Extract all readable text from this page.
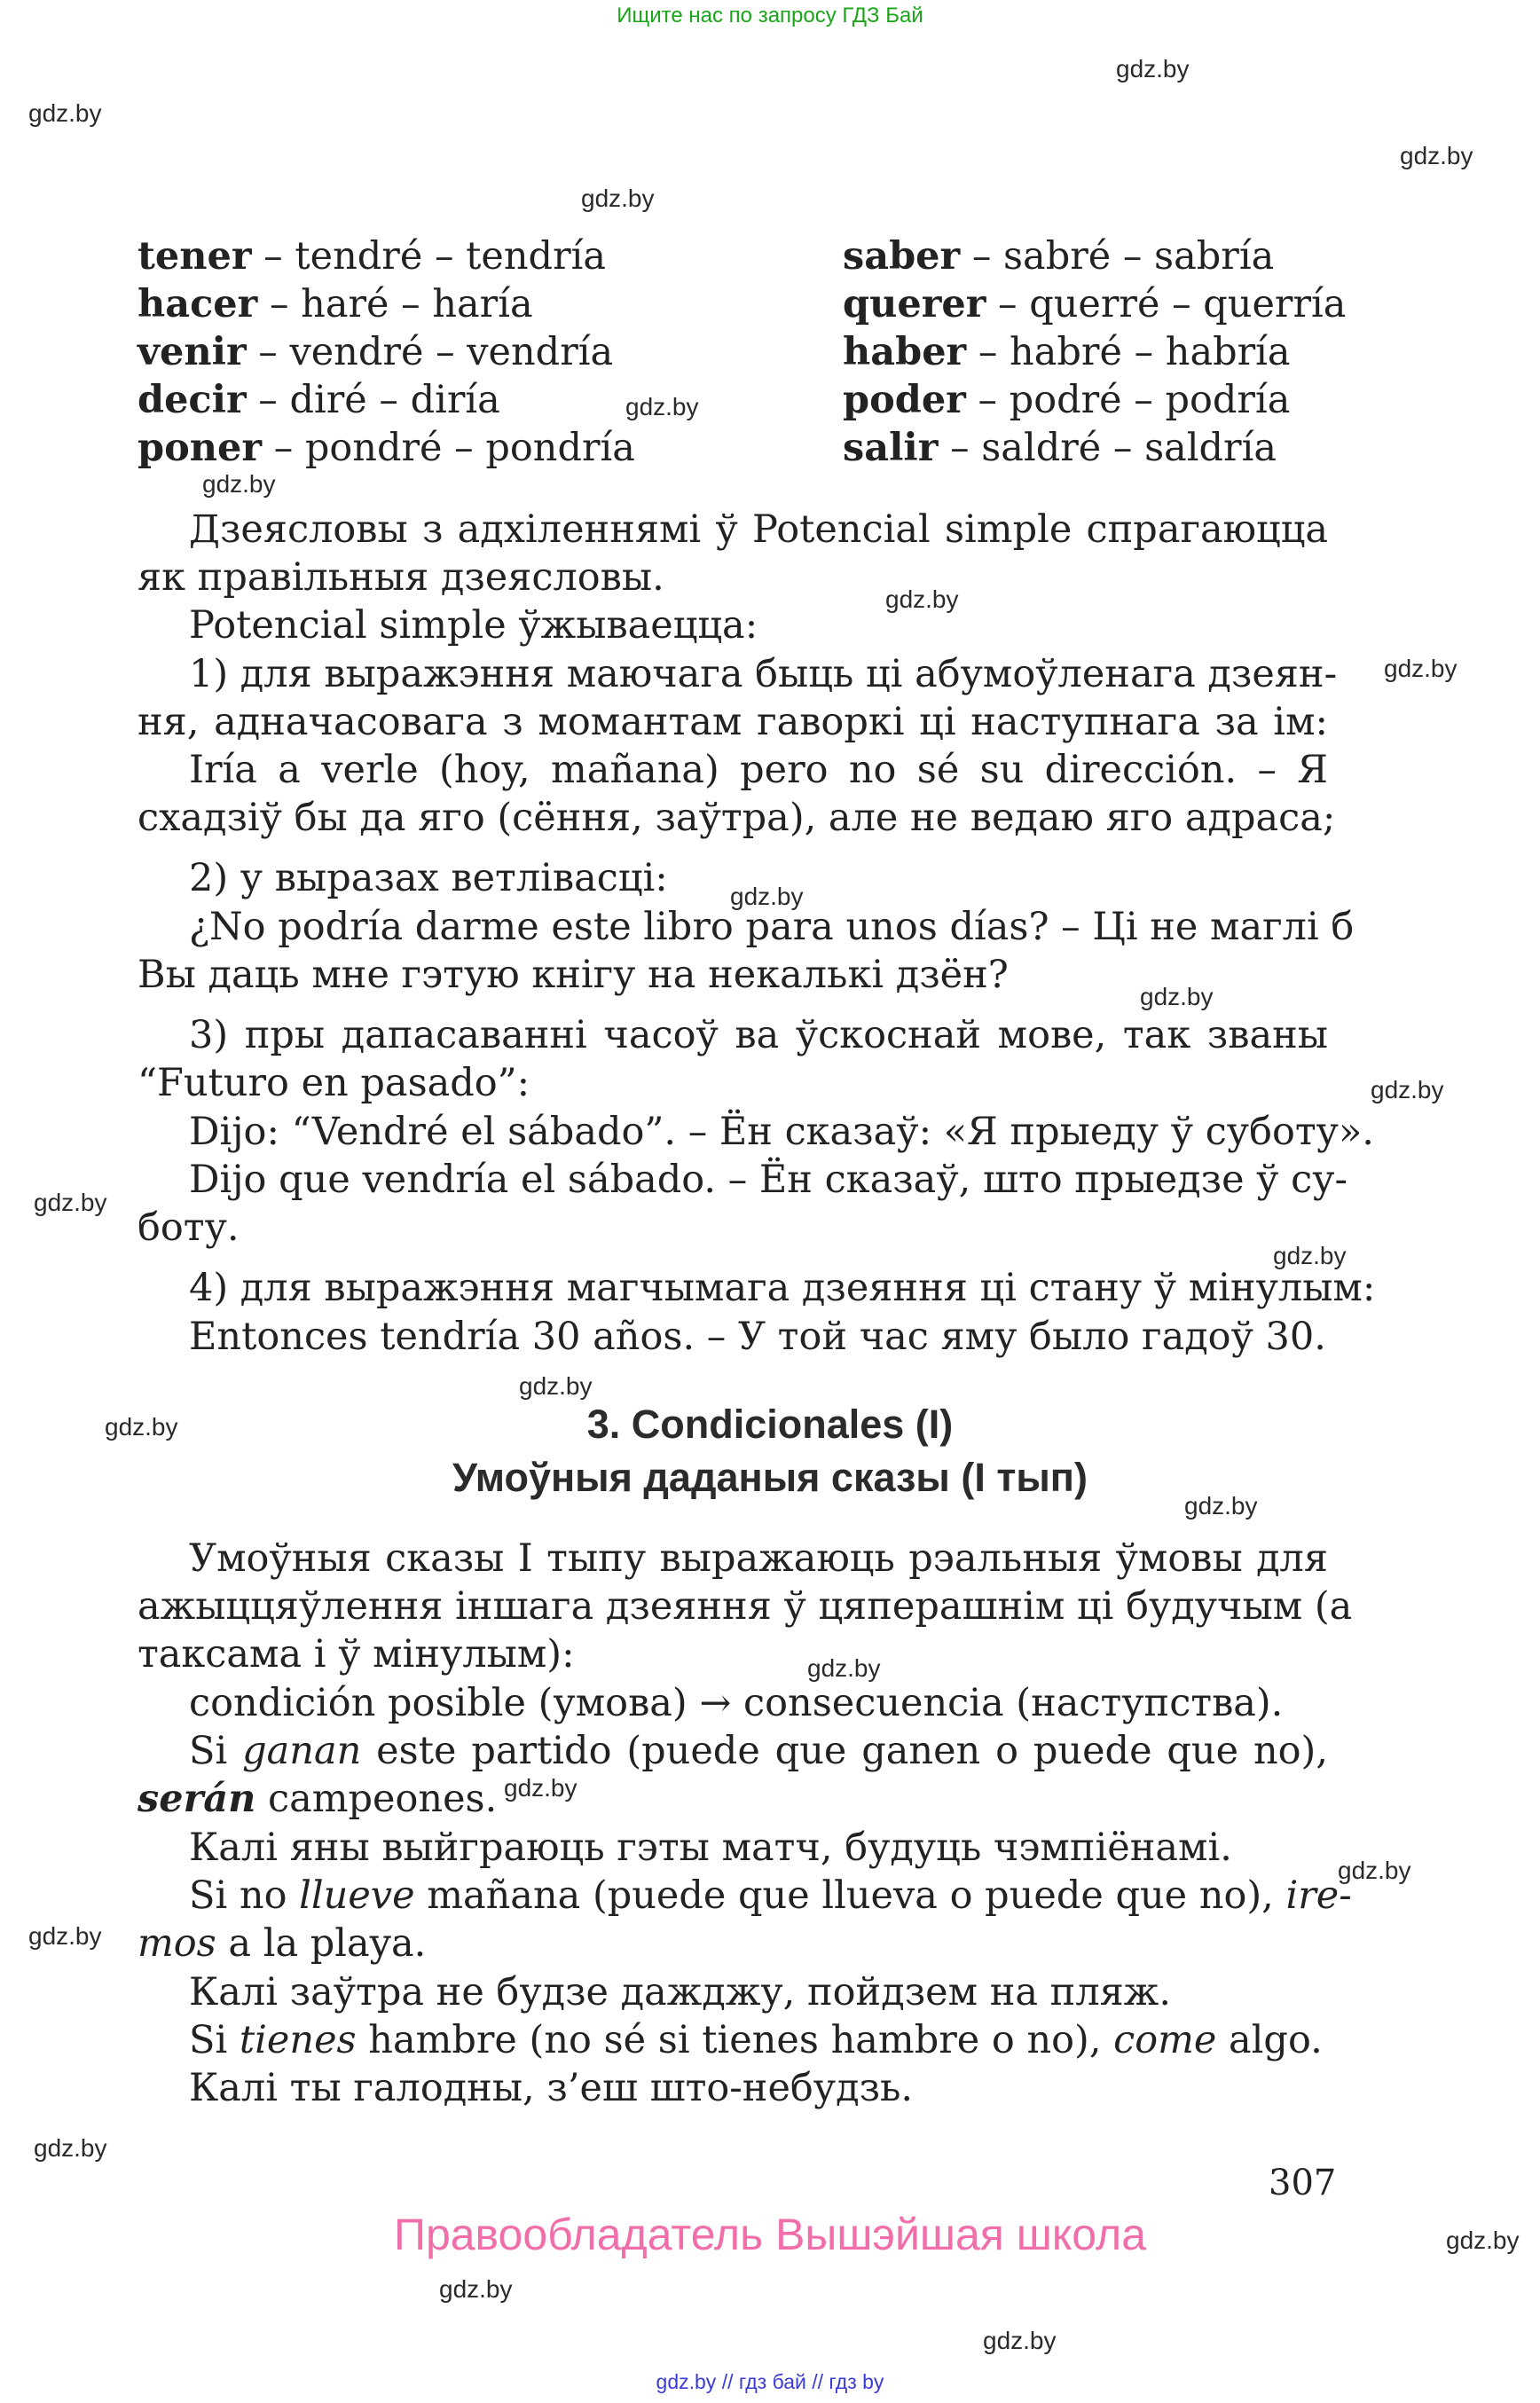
Ищите нас по запросу ГДЗ Бай
gdz.by // гдз бай // гдз by
gdz.by
gdz.by
gdz.by
gdz.by
gdz.by
gdz.by
gdz.by
gdz.by
gdz.by
gdz.by
gdz.by
gdz.by
gdz.by
gdz.by
gdz.by
gdz.by
gdz.by
gdz.by
gdz.by
gdz.by
gdz.by
gdz.by
gdz.by
gdz.by
tener – tendré – tendría
hacer – haré – haría
venir – vendré – vendría
decir – diré – diría
poner – pondré – pondría
saber – sabré – sabría
querer – querré – querría
haber – habré – habría
poder – podré – podría
salir – saldré – saldría
Дзеясловы з адхіленнямі ў Potencial simple спрагаюцца
як правільныя дзеясловы.
Potencial simple ўжываецца:
1) для выражэння маючага быць ці абумоўленага дзеян-
ня, адначасовага з момантам гаворкі ці наступнага за ім:
Iría a verle (hoy, mañana) pero no sé su dirección. – Я
схадзіў бы да яго (сёння, заўтра), але не ведаю яго адраса;
2) у выразах ветлівасці:
¿No podría darme este libro para unos días? – Ці не маглі б
Вы даць мне гэтую кнігу на некалькі дзён?
3) пры дапасаванні часоў ва ўскоснай мове, так званы
“Futuro en pasado”:
Dijo: “Vendré el sábado”. – Ён сказаў: «Я прыеду ў суботу».
Dijo que vendría el sábado. – Ён сказаў, што прыедзе ў су-
боту.
4) для выражэння магчымага дзеяння ці стану ў мінулым:
Entonces tendría 30 años. – У той час яму было гадоў 30.
3. Condicionales (I)
Умоўныя даданыя сказы (І тып)
Умоўныя сказы І тыпу выражаюць рэальныя ўмовы для
ажыццяўлення іншага дзеяння ў цяперашнім ці будучым (а
таксама і ў мінулым):
condición posible (умова) → consecuencia (наступства).
Si ganan este partido (puede que ganen o puede que no),
serán campeones.
Калі яны выйграюць гэты матч, будуць чэмпіёнамі.
Si no llueve mañana (puede que llueva o puede que no), ire-
mos a la playa.
Калі заўтра не будзе дажджу, пойдзем на пляж.
Si tienes hambre (no sé si tienes hambre o no), come algo.
Калі ты галодны, з’еш што-небудзь.
307
Правообладатель Вышэйшая школа
